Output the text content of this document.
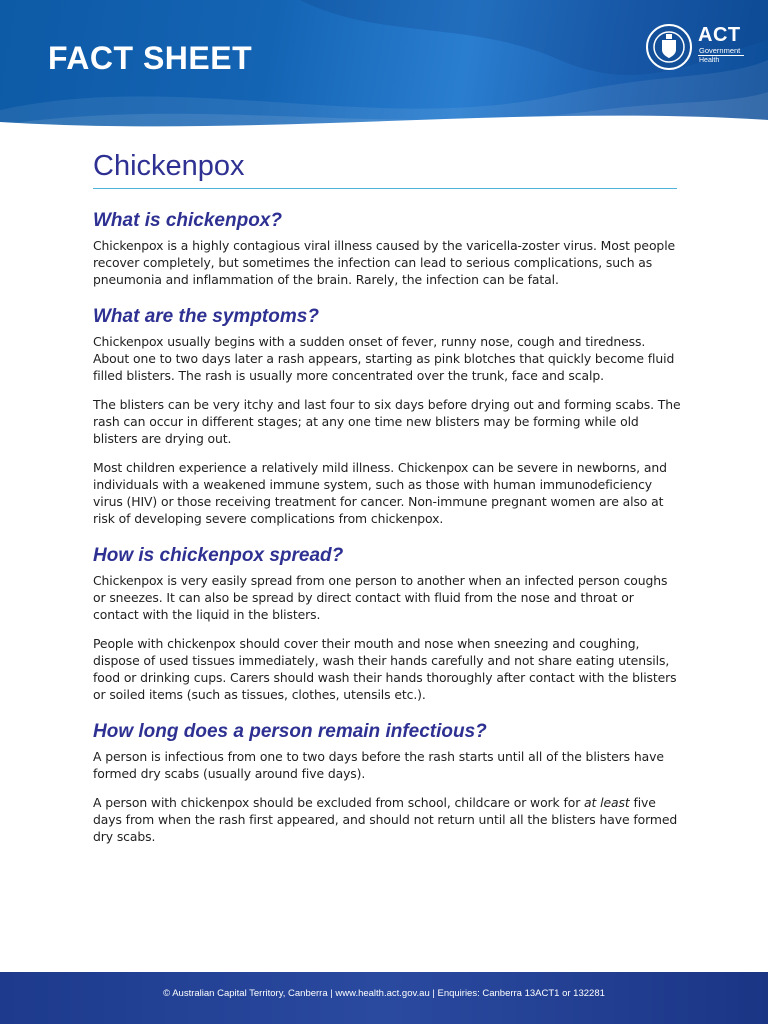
FACT SHEET
ACT
Government
Health
Chickenpox
What is chickenpox?

Chickenpox is a highly contagious viral illness caused by the varicella-zoster virus. Most people recover completely, but sometimes the infection can lead to serious complications, such as pneumonia and inflammation of the brain. Rarely, the infection can be fatal.

What are the symptoms?

Chickenpox usually begins with a sudden onset of fever, runny nose, cough and tiredness. About one to two days later a rash appears, starting as pink blotches that quickly become fluid filled blisters. The rash is usually more concentrated over the trunk, face and scalp.

The blisters can be very itchy and last four to six days before drying out and forming scabs. The rash can occur in different stages; at any one time new blisters may be forming while old blisters are drying out.

Most children experience a relatively mild illness. Chickenpox can be severe in newborns, and individuals with a weakened immune system, such as those with human immunodeficiency virus (HIV) or those receiving treatment for cancer. Non-immune pregnant women are also at risk of developing severe complications from chickenpox.

How is chickenpox spread?

Chickenpox is very easily spread from one person to another when an infected person coughs or sneezes. It can also be spread by direct contact with fluid from the nose and throat or contact with the liquid in the blisters.

People with chickenpox should cover their mouth and nose when sneezing and coughing, dispose of used tissues immediately, wash their hands carefully and not share eating utensils, food or drinking cups. Carers should wash their hands thoroughly after contact with the blisters or soiled items (such as tissues, clothes, utensils etc.).

How long does a person remain infectious?

A person is infectious from one to two days before the rash starts until all of the blisters have formed dry scabs (usually around five days).

A person with chickenpox should be excluded from school, childcare or work for at least five days from when the rash first appeared, and should not return until all the blisters have formed dry scabs.

© Australian Capital Territory, Canberra | www.health.act.gov.au | Enquiries: Canberra 13ACT1 or 132281
